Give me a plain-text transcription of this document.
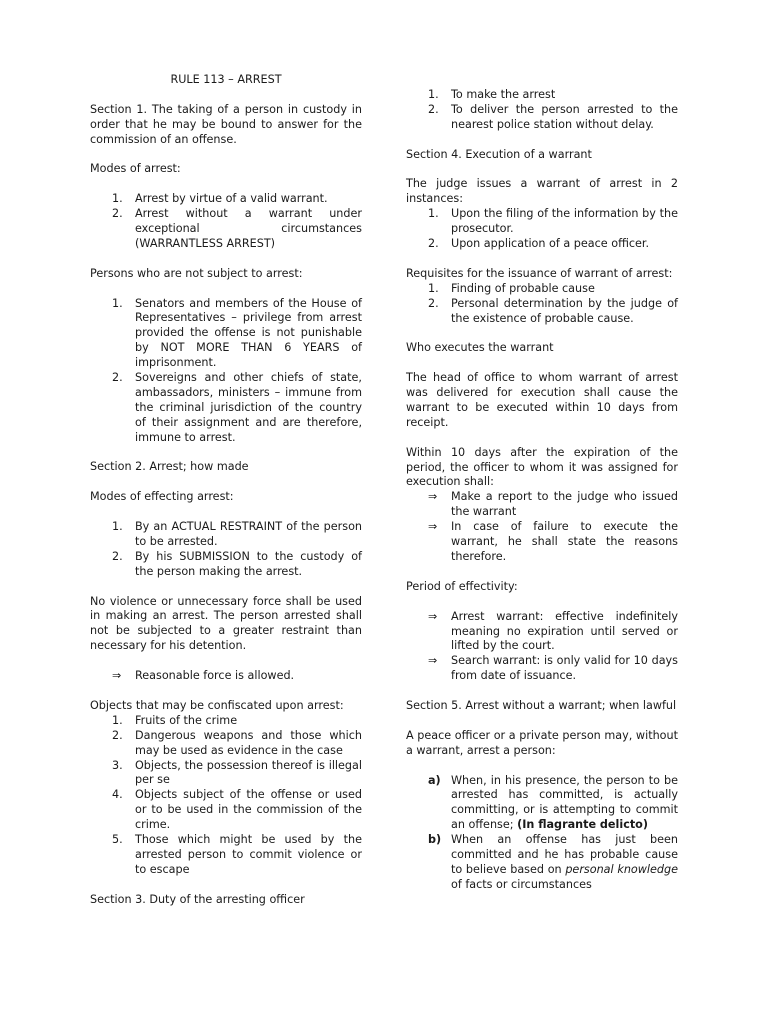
RULE 113 – ARREST

Section 1. The taking of a person in custody in order that he may be bound to answer for the commission of an offense.

Modes of arrest:

1.	Arrest by virtue of a valid warrant.
2.	Arrest without a warrant under exceptional circumstances (WARRANTLESS ARREST)

Persons who are not subject to arrest:

1.	Senators and members of the House of Representatives – privilege from arrest provided the offense is not punishable by NOT MORE THAN 6 YEARS of imprisonment.
2.	Sovereigns and other chiefs of state, ambassadors, ministers – immune from the criminal jurisdiction of the country of their assignment and are therefore, immune to arrest.

Section 2. Arrest; how made

Modes of effecting arrest:

1.	By an ACTUAL RESTRAINT of the person to be arrested.
2.	By his SUBMISSION to the custody of the person making the arrest.

No violence or unnecessary force shall be used in making an arrest. The person arrested shall not be subjected to a greater restraint than necessary for his detention.

⇒	Reasonable force is allowed.

Objects that may be confiscated upon arrest:

1.	Fruits of the crime
2.	Dangerous weapons and those which may be used as evidence in the case
3.	Objects, the possession thereof is illegal per se
4.	Objects subject of the offense or used or to be used in the commission of the crime.
5.	Those which might be used by the arrested person to commit violence or to escape

Section 3. Duty of the arresting officer

1.	To make the arrest
2.	To deliver the person arrested to the nearest police station without delay.

Section 4. Execution of a warrant

The judge issues a warrant of arrest in 2 instances:

1.	Upon the filing of the information by the prosecutor.
2.	Upon application of a peace officer.

Requisites for the issuance of warrant of arrest:

1.	Finding of probable cause
2.	Personal determination by the judge of the existence of probable cause.

Who executes the warrant

The head of office to whom warrant of arrest was delivered for execution shall cause the warrant to be executed within 10 days from receipt.

Within 10 days after the expiration of the period, the officer to whom it was assigned for execution shall:

⇒	Make a report to the judge who issued the warrant
⇒	In case of failure to execute the warrant, he shall state the reasons therefore.

Period of effectivity:

⇒	Arrest warrant: effective indefinitely meaning no expiration until served or lifted by the court.
⇒	Search warrant: is only valid for 10 days from date of issuance.

Section 5. Arrest without a warrant; when lawful

A peace officer or a private person may, without a warrant, arrest a person:

a) When, in his presence, the person to be arrested has committed, is actually committing, or is attempting to commit an offense; (In flagrante delicto)
b) When an offense has just been committed and he has probable cause to believe based on personal knowledge of facts or circumstances
